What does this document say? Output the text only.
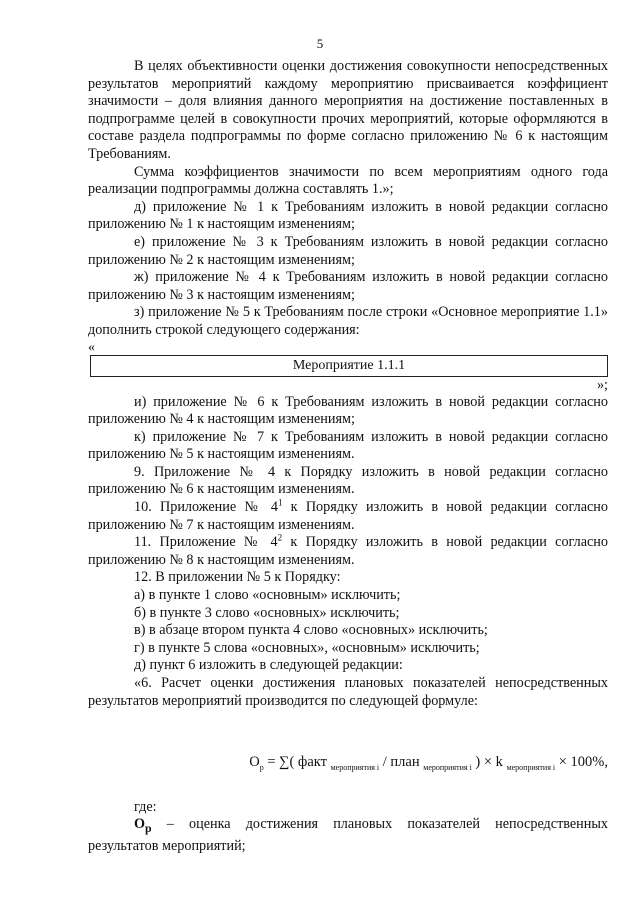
5

В целях объективности оценки достижения совокупности непосредственных результатов мероприятий каждому мероприятию присваивается коэффициент значимости – доля влияния данного мероприятия на достижение поставленных в подпрограмме целей в совокупности прочих мероприятий, которые оформляются в составе раздела подпрограммы по форме согласно приложению № 6 к настоящим Требованиям.

Сумма коэффициентов значимости по всем мероприятиям одного года реализации подпрограммы должна составлять 1.»;

д) приложение № 1 к Требованиям изложить в новой редакции согласно приложению № 1 к настоящим изменениям;

е) приложение № 3 к Требованиям изложить в новой редакции согласно приложению № 2 к настоящим изменениям;

ж) приложение № 4 к Требованиям изложить в новой редакции согласно приложению № 3 к настоящим изменениям;

з) приложение № 5 к Требованиям после строки «Основное мероприятие 1.1» дополнить строкой следующего содержания:

«

Мероприятие 1.1.1

»;

и) приложение № 6 к Требованиям изложить в новой редакции согласно приложению № 4 к настоящим изменениям;

к) приложение № 7 к Требованиям изложить в новой редакции согласно приложению № 5 к настоящим изменениям.

9. Приложение № 4 к Порядку изложить в новой редакции согласно приложению № 6 к настоящим изменениям.

10. Приложение № $4^1$ к Порядку изложить в новой редакции согласно приложению № 7 к настоящим изменениям.

11. Приложение № $4^2$ к Порядку изложить в новой редакции согласно приложению № 8 к настоящим изменениям.

12. В приложении № 5 к Порядку:

а) в пункте 1 слово «основным» исключить;

б) в пункте 3 слово «основных» исключить;

в) в абзаце втором пункта 4 слово «основных» исключить;

г) в пункте 5 слова «основных», «основным» исключить;

д) пункт 6 изложить в следующей редакции:

«6. Расчет оценки достижения плановых показателей непосредственных результатов мероприятий производится по следующей формуле:

$О_р$ = ∑( факт $_{мероприятия i}$ / план $_{мероприятия i}$ ) × k $_{мероприятия i}$ × 100%,

где:

$О_р$ – оценка достижения плановых показателей непосредственных результатов мероприятий;
